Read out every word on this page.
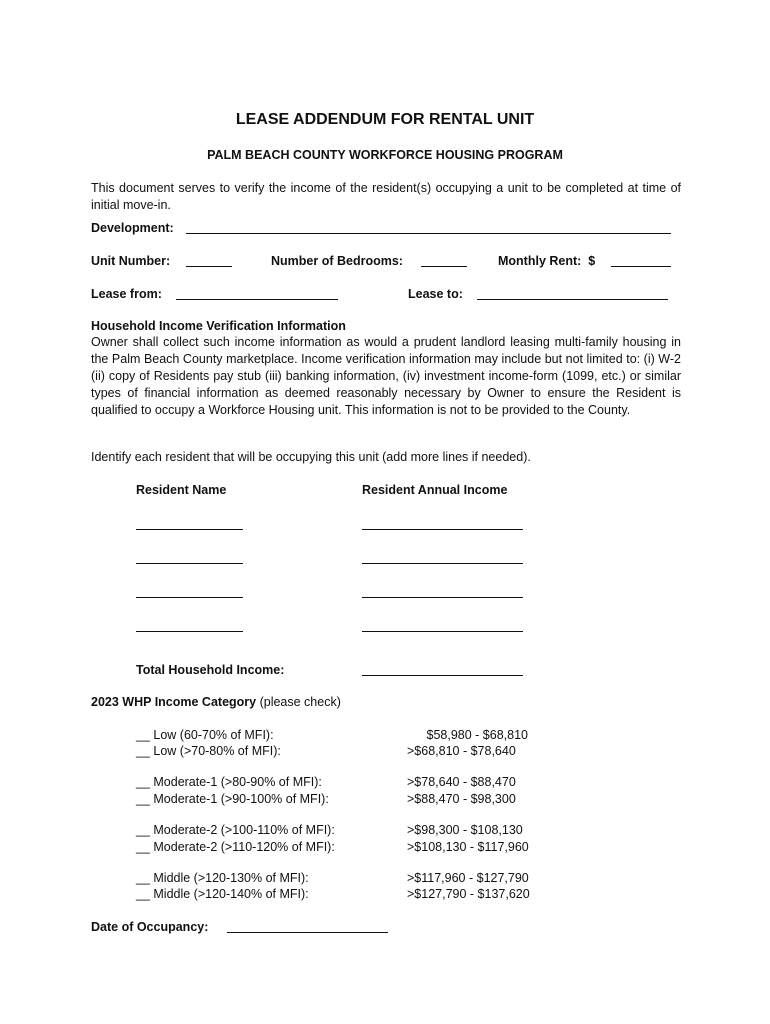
LEASE ADDENDUM FOR RENTAL UNIT
PALM BEACH COUNTY WORKFORCE HOUSING PROGRAM
This document serves to verify the income of the resident(s) occupying a unit to be completed at time of initial move-in.
Development:
Unit Number:	Number of Bedrooms:	Monthly Rent:  $
Lease from:	Lease to:
Household Income Verification Information
Owner shall collect such income information as would a prudent landlord leasing multi-family housing in the Palm Beach County marketplace. Income verification information may include but not limited to: (i) W-2 (ii) copy of Residents pay stub (iii) banking information, (iv) investment income-form (1099, etc.) or similar types of financial information as deemed reasonably necessary by Owner to ensure the Resident is qualified to occupy a Workforce Housing unit. This information is not to be provided to the County.
Identify each resident that will be occupying this unit (add more lines if needed).
Resident Name	Resident Annual Income
Total Household Income:
2023 WHP Income Category (please check)
__ Low (60-70% of MFI):	$58,980 - $68,810
__ Low (>70-80% of MFI):	>$68,810 - $78,640
__ Moderate-1 (>80-90% of MFI):	>$78,640 - $88,470
__ Moderate-1 (>90-100% of MFI):	>$88,470 - $98,300
__ Moderate-2 (>100-110% of MFI):	>$98,300 - $108,130
__ Moderate-2 (>110-120% of MFI):	>$108,130 - $117,960
__ Middle (>120-130% of MFI):	>$117,960 - $127,790
__ Middle (>120-140% of MFI):	>$127,790 - $137,620
Date of Occupancy:
